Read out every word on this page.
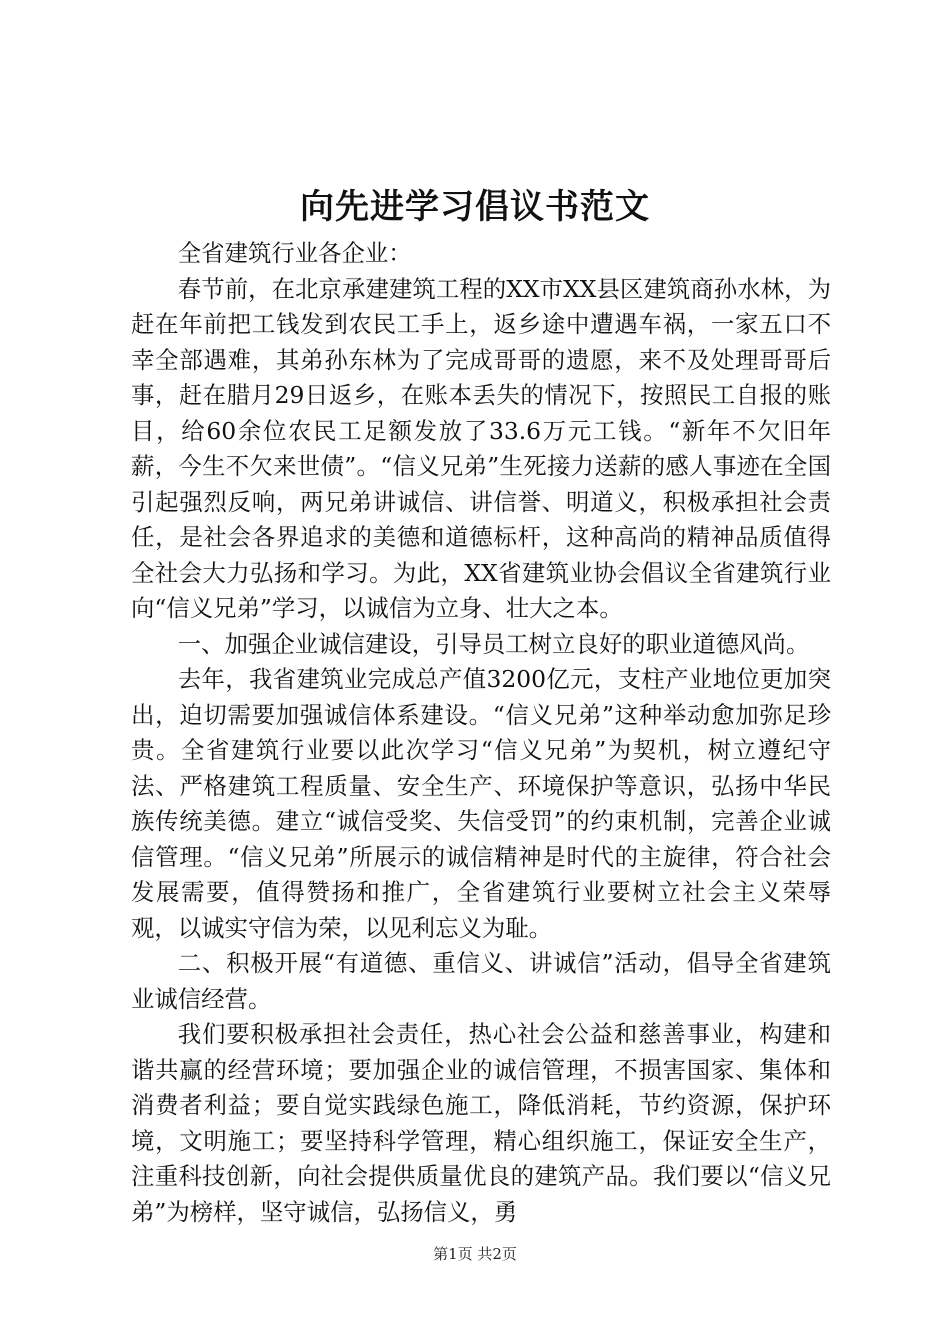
向先进学习倡议书范文

全省建筑行业各企业：

春节前，在北京承建建筑工程的XX市XX县区建筑商孙水林，为赶在年前把工钱发到农民工手上，返乡途中遭遇车祸，一家五口不幸全部遇难，其弟孙东林为了完成哥哥的遗愿，来不及处理哥哥后事，赶在腊月29日返乡，在账本丢失的情况下，按照民工自报的账目，给60余位农民工足额发放了33.6万元工钱。“新年不欠旧年薪，今生不欠来世债”。“信义兄弟”生死接力送薪的感人事迹在全国引起强烈反响，两兄弟讲诚信、讲信誉、明道义，积极承担社会责任，是社会各界追求的美德和道德标杆，这种高尚的精神品质值得全社会大力弘扬和学习。为此，XX省建筑业协会倡议全省建筑行业向“信义兄弟”学习，以诚信为立身、壮大之本。

一、加强企业诚信建设，引导员工树立良好的职业道德风尚。

去年，我省建筑业完成总产值3200亿元，支柱产业地位更加突出，迫切需要加强诚信体系建设。“信义兄弟”这种举动愈加弥足珍贵。全省建筑行业要以此次学习“信义兄弟”为契机，树立遵纪守法、严格建筑工程质量、安全生产、环境保护等意识，弘扬中华民族传统美德。建立“诚信受奖、失信受罚”的约束机制，完善企业诚信管理。“信义兄弟”所展示的诚信精神是时代的主旋律，符合社会发展需要，值得赞扬和推广，全省建筑行业要树立社会主义荣辱观，以诚实守信为荣，以见利忘义为耻。

二、积极开展“有道德、重信义、讲诚信”活动，倡导全省建筑业诚信经营。

我们要积极承担社会责任，热心社会公益和慈善事业，构建和谐共赢的经营环境；要加强企业的诚信管理，不损害国家、集体和消费者利益；要自觉实践绿色施工，降低消耗，节约资源，保护环境，文明施工；要坚持科学管理，精心组织施工，保证安全生产，注重科技创新，向社会提供质量优良的建筑产品。我们要以“信义兄弟”为榜样，坚守诚信，弘扬信义，勇

第1页 共2页
